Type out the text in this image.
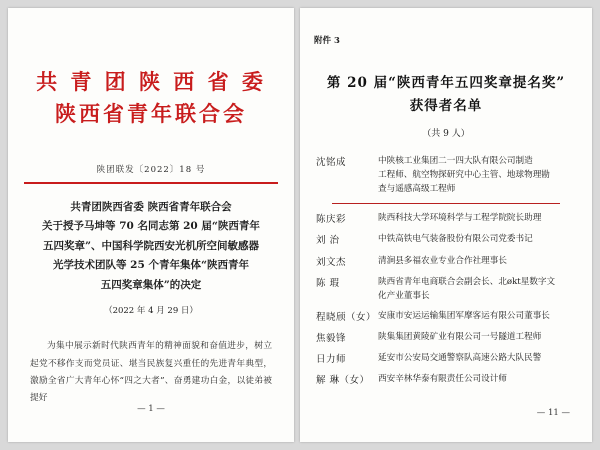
共 青 团 陕 西 省 委
陕西省青年联合会
陕团联发〔2022〕18 号
共青团陕西省委 陕西省青年联合会
关于授予马坤等 70 名同志第 20 届“陕西青年
五四奖章”、中国科学院西安光机所空间敏感器
光学技术团队等 25 个青年集体“陕西青年
五四奖章集体”的决定
（2022 年 4 月 29 日）

为集中展示新时代陕西青年的精神面貌和奋值进步，树立起党不移作支而党员证、堪当民族复兴重任的先进青年典型，激励全省广大青年心怀“四之大者”、奋勇建功白金，以徒弟被提好

— 1 —
附件 3
第 20 届“陕西青年五四奖章提名奖”
获得者名单
（共 9 人）
沈铭成	中陕核工业集团二一四大队有限公司制造
工程师、航空物探研究中心主管、地球物理勘
查与遥感高级工程师
陈庆彩	陕西科技大学环境科学与工程学院院长助理
刘 治	中铁高铁电气装备股份有限公司党委书记
刘文杰	清涧县多福农业专业合作社理事长
陈 瑕	陕西省青年电商联合会副会长、北økt星数字文
化产业董事长
程晓颀（女） 安康市安运运输集团军摩客运有限公司董事长
焦毅锋	陕集集团黄陵矿业有限公司一号隧道工程师
日力师	延安市公安局交通警察队高速公路大队民警
解 琳（女） 西安辛林华泰有限责任公司设计师
— 11 —
